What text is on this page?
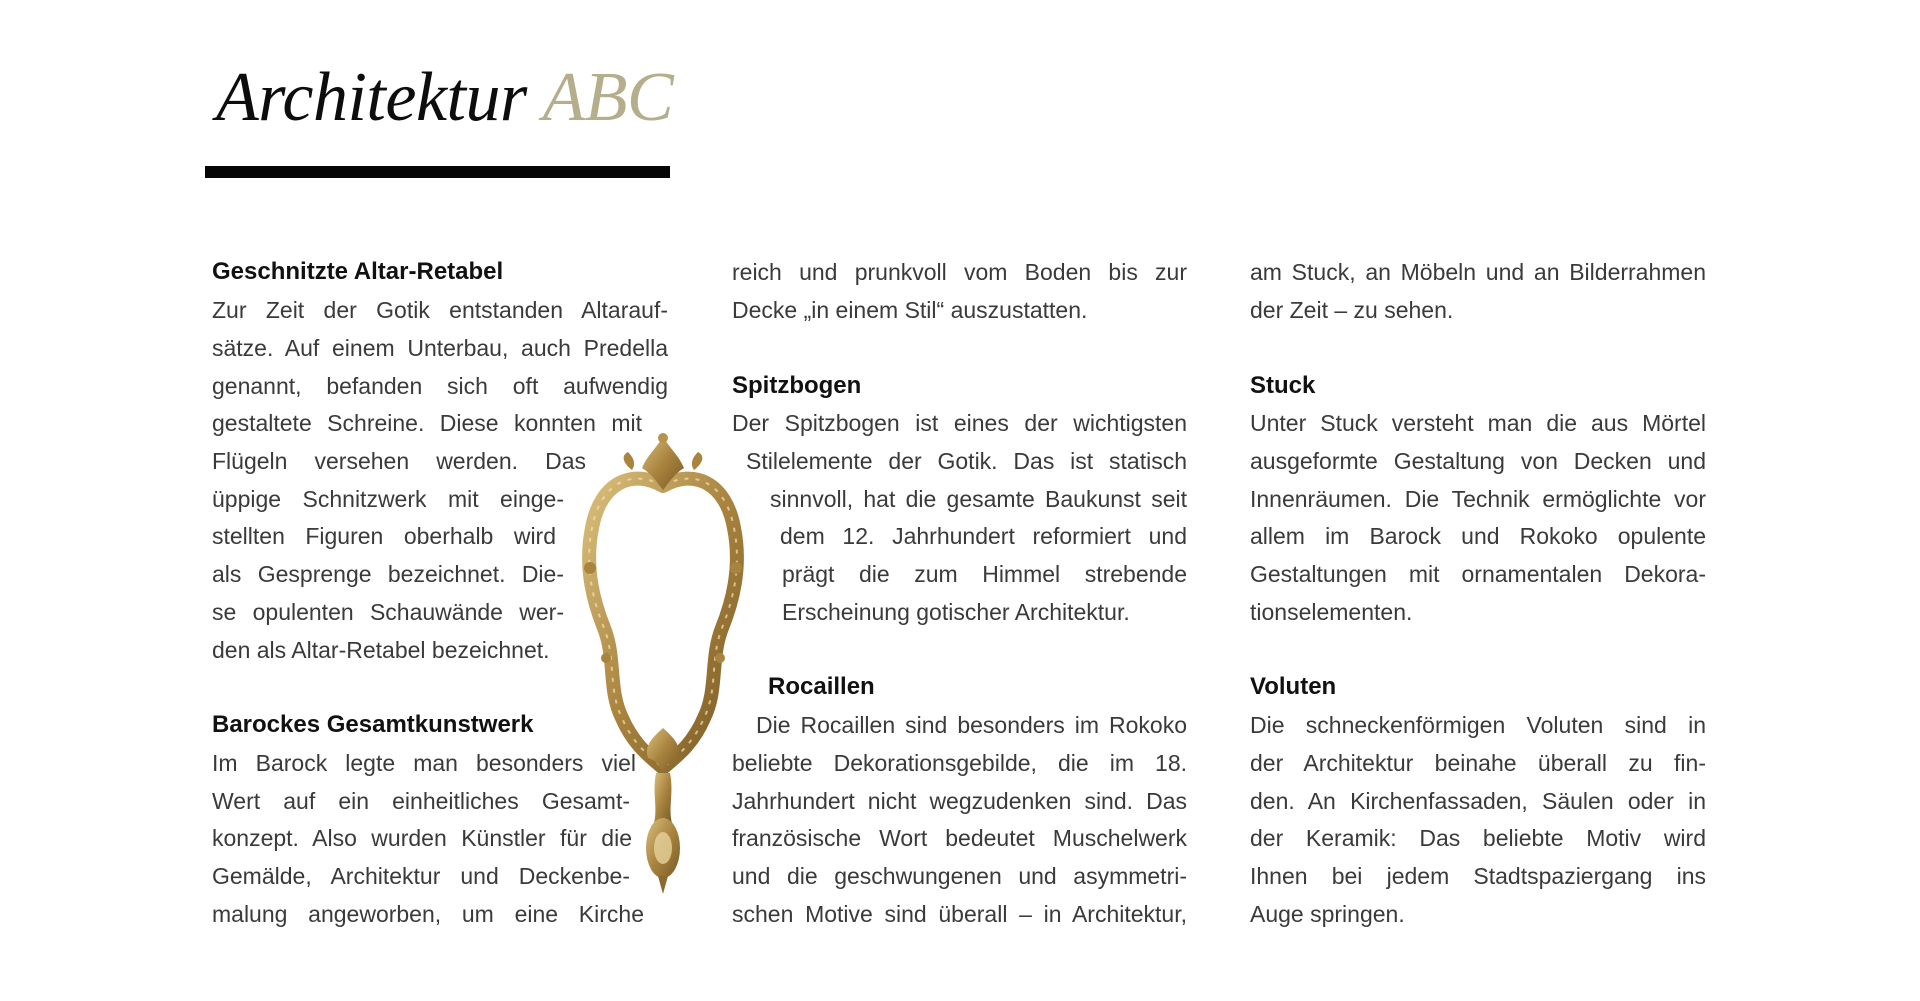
Architektur ABC
Geschnitzte Altar-Retabel
Zur Zeit der Gotik entstanden Altarauf-
sätze. Auf einem Unterbau, auch Predella
genannt, befanden sich oft aufwendig
gestaltete Schreine. Diese konnten mit
Flügeln versehen werden. Das
üppige Schnitzwerk mit einge-
stellten Figuren oberhalb wird
als Gesprenge bezeichnet. Die-
se opulenten Schauwände wer-
den als Altar-Retabel bezeichnet.
Barockes Gesamtkunstwerk
Im Barock legte man besonders viel
Wert auf ein einheitliches Gesamt-
konzept. Also wurden Künstler für die
Gemälde, Architektur und Deckenbe-
malung angeworben, um eine Kirche
reich und prunkvoll vom Boden bis zur
Decke „in einem Stil“ auszustatten.
Spitzbogen
Der Spitzbogen ist eines der wichtigsten
Stilelemente der Gotik. Das ist statisch
sinnvoll, hat die gesamte Baukunst seit
dem 12. Jahrhundert reformiert und
prägt die zum Himmel strebende
Erscheinung gotischer Architektur.
Rocaillen
Die Rocaillen sind besonders im Rokoko
beliebte Dekorationsgebilde, die im 18.
Jahrhundert nicht wegzudenken sind. Das
französische Wort bedeutet Muschelwerk
und die geschwungenen und asymmetri-
schen Motive sind überall – in Architektur,
am Stuck, an Möbeln und an Bilderrahmen
der Zeit – zu sehen.
Stuck
Unter Stuck versteht man die aus Mörtel
ausgeformte Gestaltung von Decken und
Innenräumen. Die Technik ermöglichte vor
allem im Barock und Rokoko opulente
Gestaltungen mit ornamentalen Dekora-
tionselementen.
Voluten
Die schneckenförmigen Voluten sind in
der Architektur beinahe überall zu fin-
den. An Kirchenfassaden, Säulen oder in
der Keramik: Das beliebte Motiv wird
Ihnen bei jedem Stadtspaziergang ins
Auge springen.
